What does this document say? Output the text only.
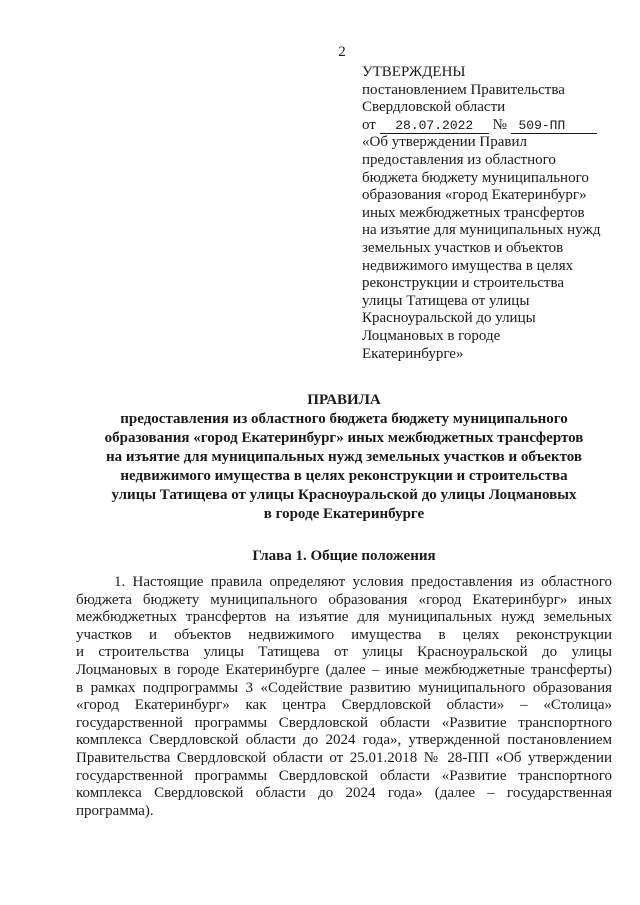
2
УТВЕРЖДЕНЫ
постановлением Правительства
Свердловской области
от 28.07.2022 № 509-ПП
«Об утверждении Правил
предоставления из областного
бюджета бюджету муниципального
образования «город Екатеринбург»
иных межбюджетных трансфертов
на изъятие для муниципальных нужд
земельных участков и объектов
недвижимого имущества в целях
реконструкции и строительства
улицы Татищева от улицы
Красноуральской до улицы
Лоцмановых в городе
Екатеринбурге»
ПРАВИЛА
предоставления из областного бюджета бюджету муниципального
образования «город Екатеринбург» иных межбюджетных трансфертов
на изъятие для муниципальных нужд земельных участков и объектов
недвижимого имущества в целях реконструкции и строительства
улицы Татищева от улицы Красноуральской до улицы Лоцмановых
в городе Екатеринбурге
Глава 1. Общие положения
1. Настоящие правила определяют условия предоставления из областного
бюджета бюджету муниципального образования «город Екатеринбург» иных
межбюджетных трансфертов на изъятие для муниципальных нужд земельных
участков и объектов недвижимого имущества в целях реконструкции
и строительства улицы Татищева от улицы Красноуральской до улицы
Лоцмановых в городе Екатеринбурге (далее – иные межбюджетные трансферты)
в рамках подпрограммы 3 «Содействие развитию муниципального образования
«город Екатеринбург» как центра Свердловской области» – «Столица»
государственной программы Свердловской области «Развитие транспортного
комплекса Свердловской области до 2024 года», утвержденной постановлением
Правительства Свердловской области от 25.01.2018 № 28-ПП «Об утверждении
государственной программы Свердловской области «Развитие транспортного
комплекса Свердловской области до 2024 года» (далее – государственная
программа).
